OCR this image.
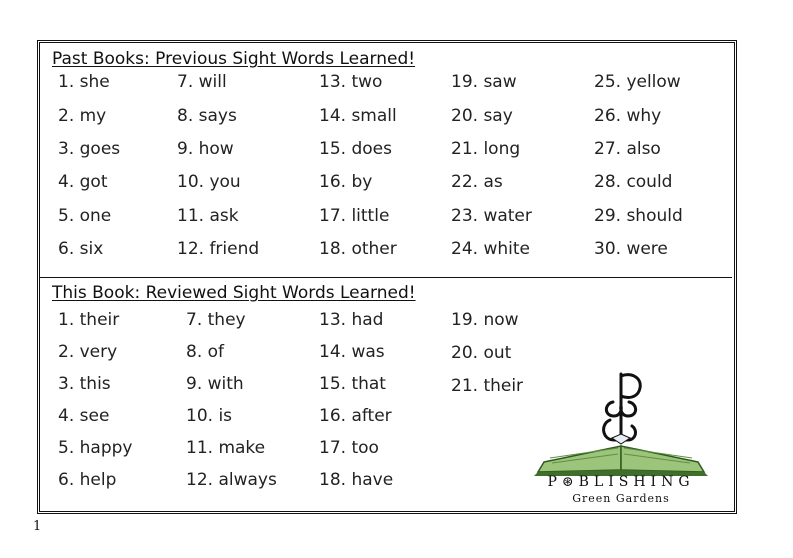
Past Books: Previous Sight Words Learned!
1. she
2. my
3. goes
4. got
5. one
6. six
7. will
8. says
9. how
10. you
11. ask
12. friend
13. two
14. small
15. does
16. by
17. little
18. other
19. saw
20. say
21. long
22. as
23. water
24. white
25. yellow
26. why
27. also
28. could
29. should
30. were
This Book: Reviewed Sight Words Learned!
1. their
2. very
3. this
4. see
5. happy
6. help
7. they
8. of
9. with
10. is
11. make
12. always
13. had
14. was
15. that
16. after
17. too
18. have
19. now
20. out
21. their
P⊛BLISHING
Green Gardens
1
